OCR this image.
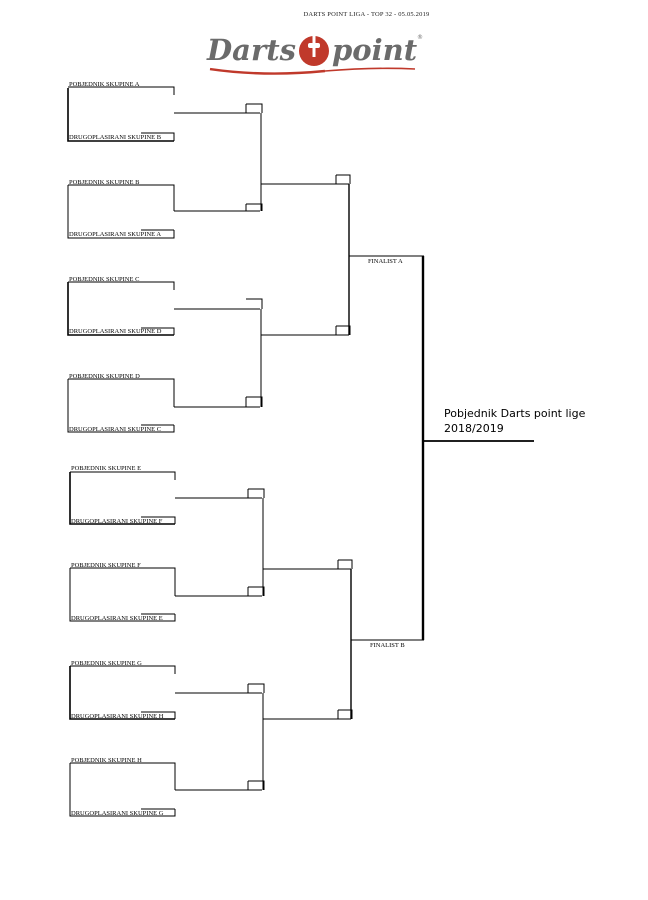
DARTS POINT LIGA - TOP 32 - 05.05.2019
Darts point ®
POBJEDNIK SKUPINE A
DRUGOPLASIRANI SKUPINE B
POBJEDNIK SKUPINE B
DRUGOPLASIRANI SKUPINE A
POBJEDNIK SKUPINE C
DRUGOPLASIRANI SKUPINE D
POBJEDNIK SKUPINE D
DRUGOPLASIRANI SKUPINE C
POBJEDNIK SKUPINE E
DRUGOPLASIRANI SKUPINE F
POBJEDNIK SKUPINE F
DRUGOPLASIRANI SKUPINE E
POBJEDNIK SKUPINE G
DRUGOPLASIRANI SKUPINE H
POBJEDNIK SKUPINE H
DRUGOPLASIRANI SKUPINE G
FINALIST A
FINALIST B
Pobjednik Darts point lige
2018/2019
